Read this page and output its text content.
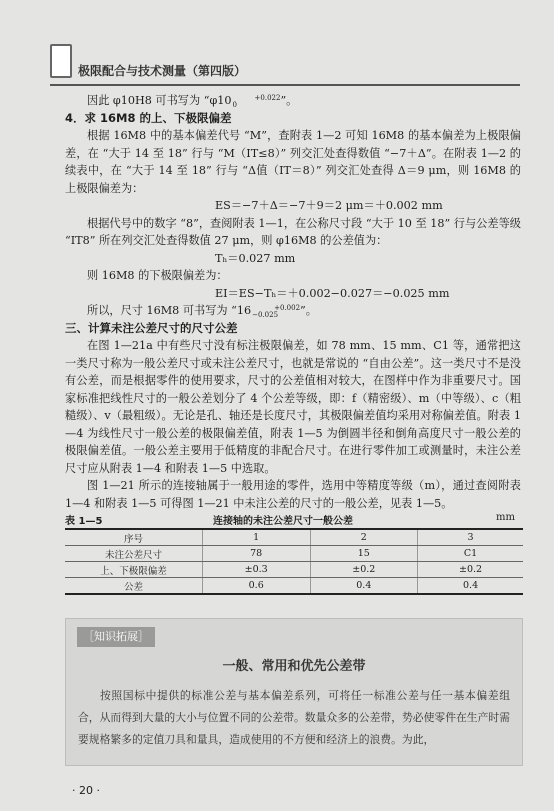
极限配合与技术测量（第四版）

因此 φ10H8 可书写为 “φ10	+0.022
0	”。

4．求 16M8 的上、下极限偏差

根据 16M8 中的基本偏差代号 “M”，查附表 1—2 可知 16M8 的基本偏差为上极限偏差，在 “大于 14 至 18” 行与 “M（IT≤8）” 列交汇处查得数值 “−7＋Δ”。在附表 1—2 的续表中，在 “大于 14 至 18” 行与 “Δ值（IT＝8）” 列交汇处查得 Δ＝9 μm，则 16M8 的上极限偏差为：

ES＝−7＋Δ＝−7＋9＝2 μm＝＋0.002 mm

根据代号中的数字 “8”，查阅附表 1—1，在公称尺寸段 “大于 10 至 18” 行与公差等级 “IT8” 所在列交汇处查得数值 27 μm，则 φ16M8 的公差值为：

Tₕ＝0.027 mm

则 16M8 的下极限偏差为：

EI＝ES−Tₕ＝＋0.002−0.027＝−0.025 mm

所以，尺寸 16M8 可书写为 “16	+0.002
−0.025 ”。

三、计算未注公差尺寸的尺寸公差

在图 1—21a 中有些尺寸没有标注极限偏差，如 78 mm、15 mm、C1 等，通常把这一类尺寸称为一般公差尺寸或未注公差尺寸，也就是常说的 “自由公差”。这一类尺寸不是没有公差，而是根据零件的使用要求，尺寸的公差值相对较大，在图样中作为非重要尺寸。国家标准把线性尺寸的一般公差划分了 4 个公差等级，即：f（精密级）、m（中等级）、c（粗糙级）、v（最粗级）。无论是孔、轴还是长度尺寸，其极限偏差值均采用对称偏差值。附表 1—4 为线性尺寸一般公差的极限偏差值，附表 1—5 为倒圆半径和倒角高度尺寸一般公差的极限偏差值。一般公差主要用于低精度的非配合尺寸。在进行零件加工或测量时，未注公差尺寸应从附表 1—4 和附表 1—5 中选取。

图 1—21 所示的连接轴属于一般用途的零件，选用中等精度等级（m），通过查阅附表 1—4 和附表 1—5 可得图 1—21 中未注公差的尺寸的一般公差，见表 1—5。

表 1—5	连接轴的未注公差尺寸一般公差	mm
序号	1	2	3
未注公差尺寸	78	15	C1
上、下极限偏差	±0.3	±0.2	±0.2
公差	0.6	0.4	0.4
［知识拓展］
一般、常用和优先公差带
按照国标中提供的标准公差与基本偏差系列，可将任一标准公差与任一基本偏差组合，从而得到大量的大小与位置不同的公差带。数量众多的公差带，势必使零件在生产时需要规格繁多的定值刀具和量具，造成使用的不方便和经济上的浪费。为此，
· 20 ·
